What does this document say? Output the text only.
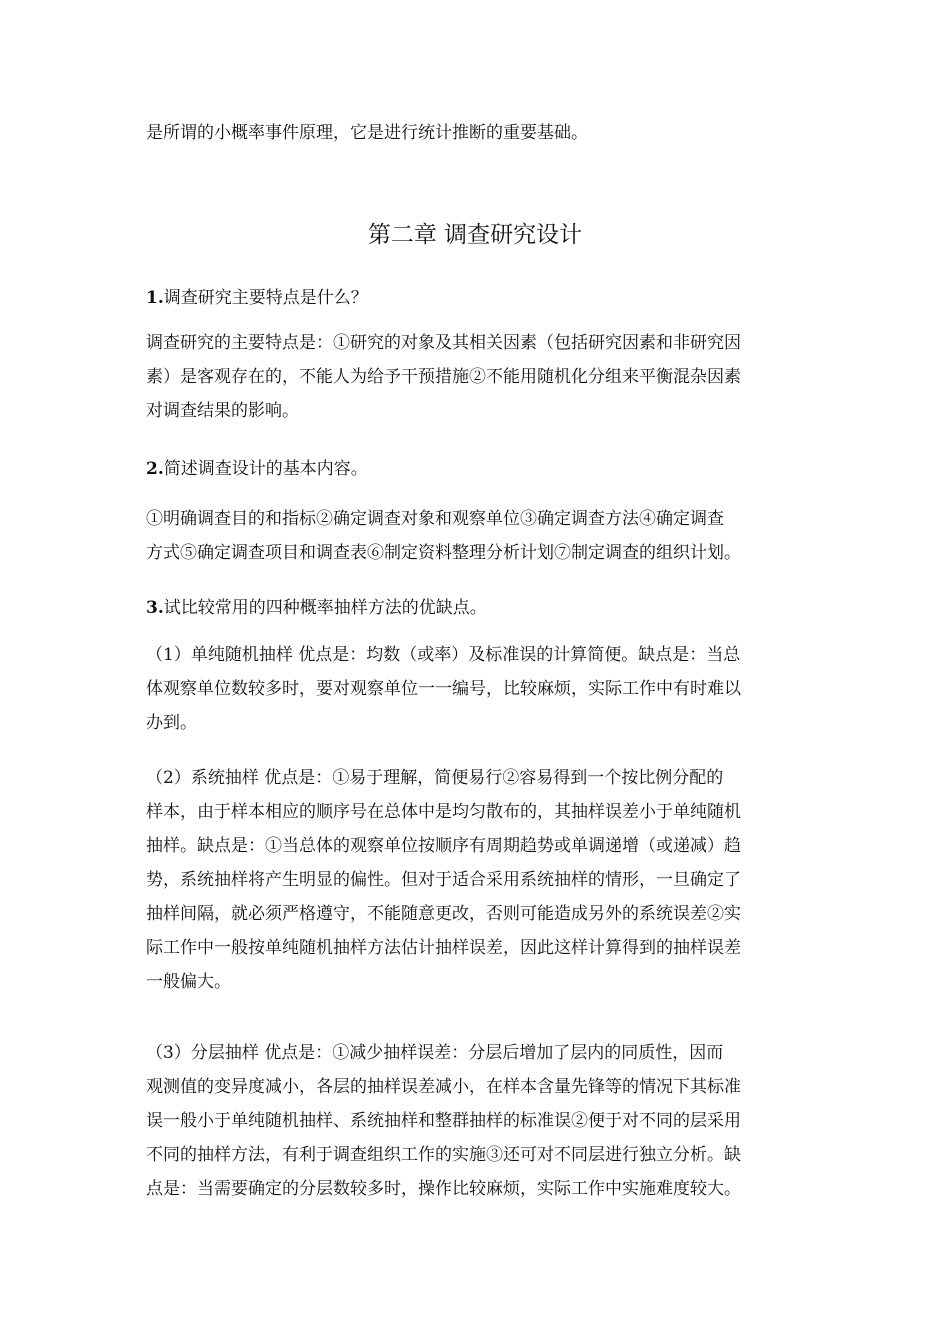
是所谓的小概率事件原理，它是进行统计推断的重要基础。

第二章 调查研究设计

1.调查研究主要特点是什么？

调查研究的主要特点是：①研究的对象及其相关因素（包括研究因素和非研究因
素）是客观存在的，不能人为给予干预措施②不能用随机化分组来平衡混杂因素
对调查结果的影响。

2.简述调查设计的基本内容。

①明确调查目的和指标②确定调查对象和观察单位③确定调查方法④确定调查
方式⑤确定调查项目和调查表⑥制定资料整理分析计划⑦制定调查的组织计划。

3.试比较常用的四种概率抽样方法的优缺点。

（1）单纯随机抽样 优点是：均数（或率）及标准误的计算简便。缺点是：当总
体观察单位数较多时，要对观察单位一一编号，比较麻烦，实际工作中有时难以
办到。

（2）系统抽样 优点是：①易于理解，简便易行②容易得到一个按比例分配的
样本，由于样本相应的顺序号在总体中是均匀散布的，其抽样误差小于单纯随机
抽样。缺点是：①当总体的观察单位按顺序有周期趋势或单调递增（或递减）趋
势，系统抽样将产生明显的偏性。但对于适合采用系统抽样的情形，一旦确定了
抽样间隔，就必须严格遵守，不能随意更改，否则可能造成另外的系统误差②实
际工作中一般按单纯随机抽样方法估计抽样误差，因此这样计算得到的抽样误差
一般偏大。

（3）分层抽样 优点是：①减少抽样误差：分层后增加了层内的同质性，因而
观测值的变异度减小，各层的抽样误差减小，在样本含量先锋等的情况下其标准
误一般小于单纯随机抽样、系统抽样和整群抽样的标准误②便于对不同的层采用
不同的抽样方法，有利于调查组织工作的实施③还可对不同层进行独立分析。缺
点是：当需要确定的分层数较多时，操作比较麻烦，实际工作中实施难度较大。
